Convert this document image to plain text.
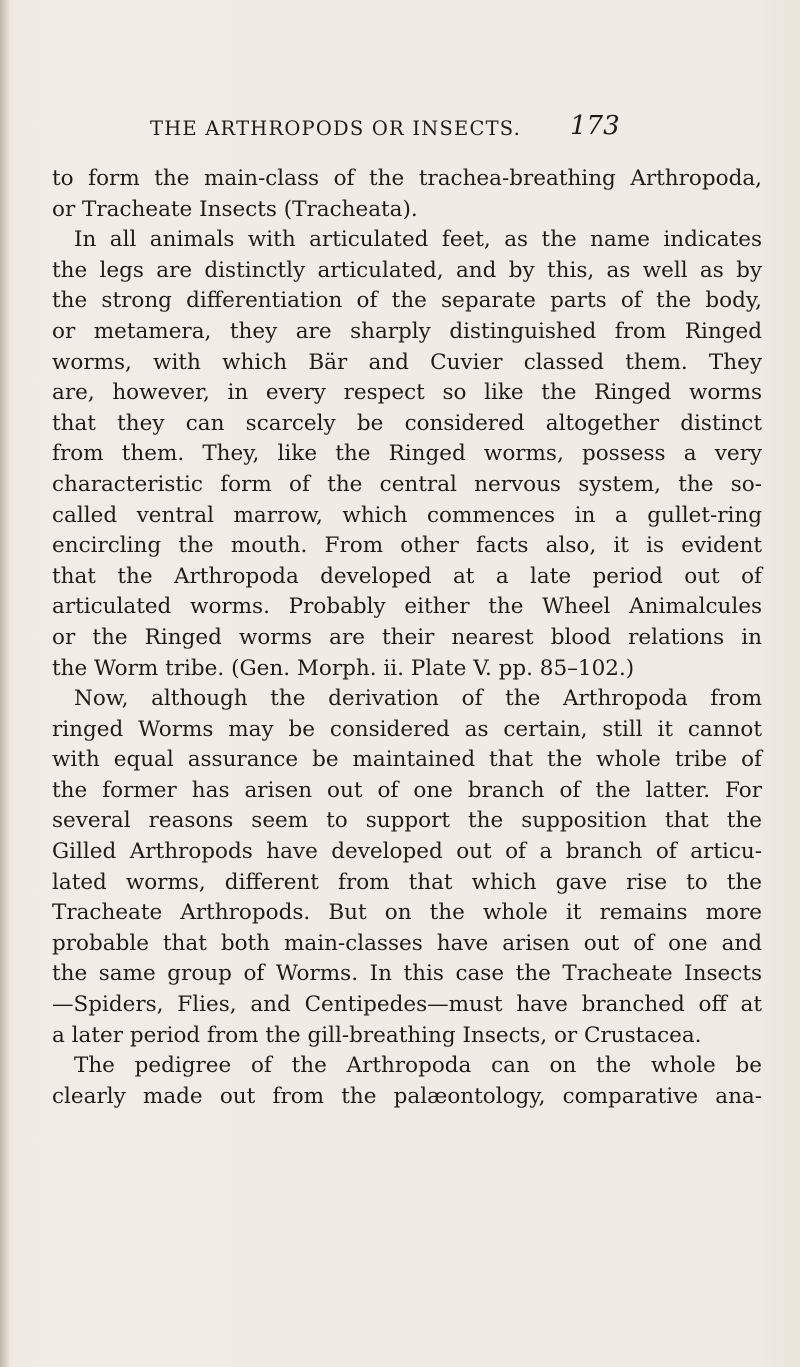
THE ARTHROPODS OR INSECTS. 173
to form the main-class of the trachea-breathing Arthropoda,
or Tracheate Insects (Tracheata).
In all animals with articulated feet, as the name indicates
the legs are distinctly articulated, and by this, as well as by
the strong differentiation of the separate parts of the body,
or metamera, they are sharply distinguished from Ringed
worms, with which Bär and Cuvier classed them. They
are, however, in every respect so like the Ringed worms
that they can scarcely be considered altogether distinct
from them. They, like the Ringed worms, possess a very
characteristic form of the central nervous system, the so-
called ventral marrow, which commences in a gullet-ring
encircling the mouth. From other facts also, it is evident
that the Arthropoda developed at a late period out of
articulated worms. Probably either the Wheel Animalcules
or the Ringed worms are their nearest blood relations in
the Worm tribe. (Gen. Morph. ii. Plate V. pp. 85–102.)
Now, although the derivation of the Arthropoda from
ringed Worms may be considered as certain, still it cannot
with equal assurance be maintained that the whole tribe of
the former has arisen out of one branch of the latter. For
several reasons seem to support the supposition that the
Gilled Arthropods have developed out of a branch of articu-
lated worms, different from that which gave rise to the
Tracheate Arthropods. But on the whole it remains more
probable that both main-classes have arisen out of one and
the same group of Worms. In this case the Tracheate Insects
—Spiders, Flies, and Centipedes—must have branched off at
a later period from the gill-breathing Insects, or Crustacea.
The pedigree of the Arthropoda can on the whole be
clearly made out from the palæontology, comparative ana-
